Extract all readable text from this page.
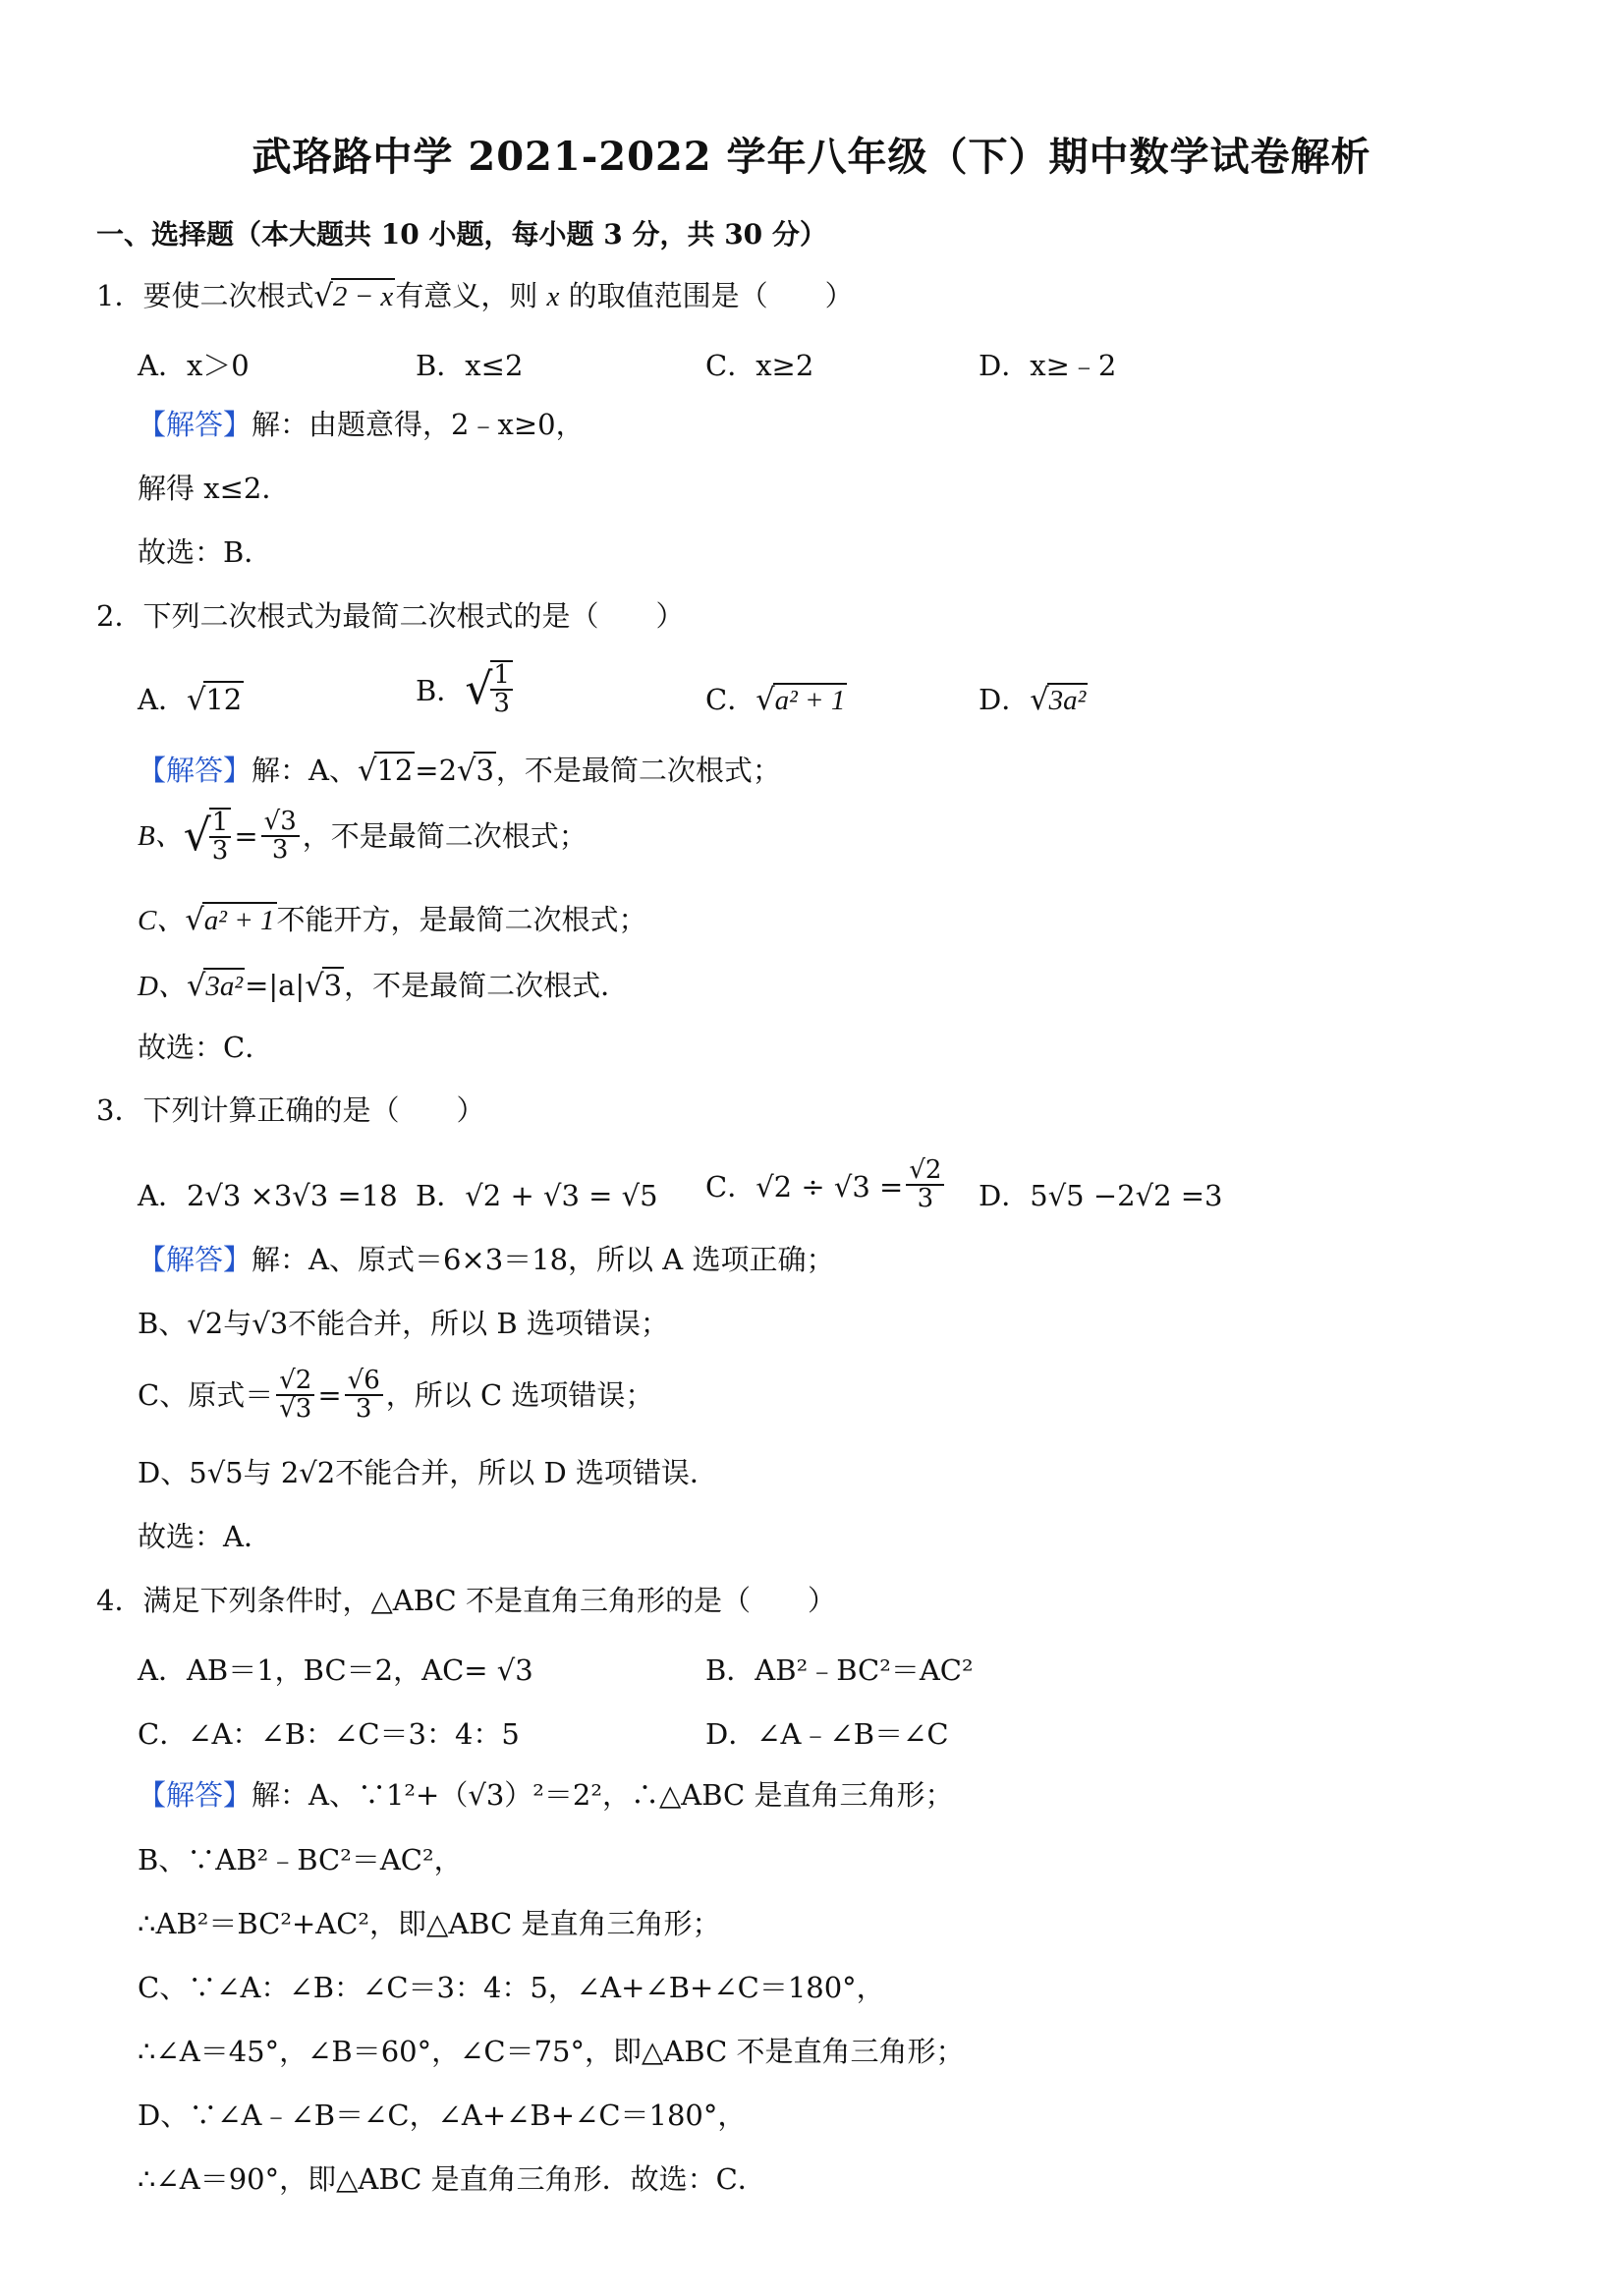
武珞路中学 2021-2022 学年八年级（下）期中数学试卷解析
一、选择题（本大题共 10 小题，每小题 3 分，共 30 分）
1．要使二次根式√2 − x有意义，则 x 的取值范围是（　　）
A．x＞0	B．x≤2	C．x≥2	D．x≥﹣2
【解答】解：由题意得，2﹣x≥0，
解得 x≤2．
故选：B．
2．下列二次根式为最简二次根式的是（　　）
A．√12	B．√
$\frac{1}{3}$	C．√a² + 1	D．√3a²
【解答】解：A、√12=2√3，不是最简二次根式；
B、√
$\frac{1}{3} = \frac{√3}{3}$ ，不是最简二次根式；
C、√a² + 1不能开方，是最简二次根式；
D、√3a²=|a|√3，不是最简二次根式．
故选：C．
3．下列计算正确的是（　　）
A．2√3 ×3√3 =18 B．√2 + √3 = √5 C．$√2 \div √3 = \frac{√2}{3}$ D．5√5 −2√2 =3
【解答】解：A、原式＝6×3＝18，所以 A 选项正确；
B、√2与√3不能合并，所以 B 选项错误；
C、原式＝ $\frac{√2}{√3} = \frac{√6}{3}$ ，所以 C 选项错误；
D、5√5与 2√2不能合并，所以 D 选项错误．
故选：A．
4．满足下列条件时，△ABC 不是直角三角形的是（　　）
A．AB＝1，BC＝2，AC= √3	B．AB²﹣BC²＝AC²
C．∠A：∠B：∠C＝3：4：5	D．∠A﹣∠B＝∠C
【解答】解：A、∵1²+（√3）²＝2²，∴△ABC 是直角三角形；
B、∵AB²﹣BC²＝AC²，
∴AB²＝BC²+AC²，即△ABC 是直角三角形；
C、∵∠A：∠B：∠C＝3：4：5，∠A+∠B+∠C＝180°，
∴∠A＝45°，∠B＝60°，∠C＝75°，即△ABC 不是直角三角形；
D、∵∠A﹣∠B＝∠C，∠A+∠B+∠C＝180°，
∴∠A＝90°，即△ABC 是直角三角形．故选：C．
